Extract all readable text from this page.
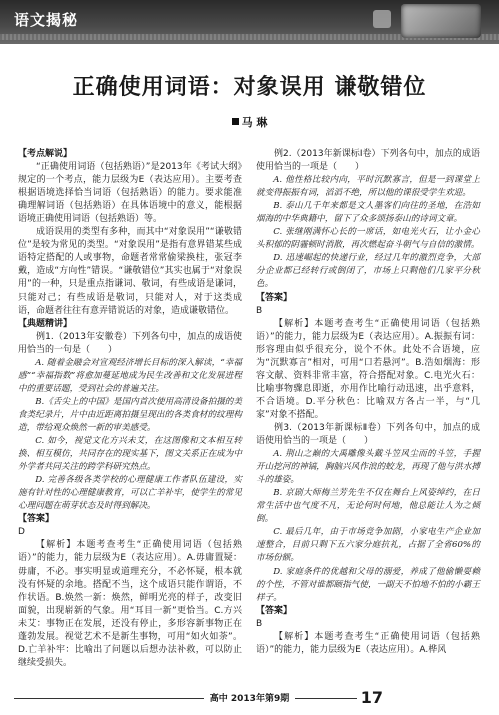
语文揭秘
正确使用词语：对象误用 谦敬错位
马 琳

【 考点解说 】

“正确使用词语（包括熟语）”是2013年《考试大纲》规定的一个考点，能力层级为E（表达应用）。主要考查根据语境选择恰当词语（包括熟语）的能力。要求能准确理解词语（包括熟语）在具体语境中的意义，能根据语境正确使用词语（包括熟语）等。

成语误用的类型有多种，而其中“对象误用”“谦敬错位”是较为常见的类型。“对象误用”是指有意界错某些成语特定搭配的人或事物，命题者常常偷梁换柱，张冠李戴，造成“方向性”错误。“谦敬错位”其实也属于“对象误用”的一种，只是重点指谦词、敬词，有些成语是谦词，只能对己；有些成语是敬词，只能对人，对于这类成语，命题者往往有意弄错说话的对象，造成谦敬错位。

【 典题精讲 】

例1.（2013年安徽卷）下列各句中，加点的成语使用恰当的一句是（　　）

A. 随着金融会对宣观经济增长目标的深入解读，“幸福感”“幸福指数”将愈加蔓延地成为民生改善和文化发展进程中的重要话题，受到社会的普遍关注。

B.《舌尖上的中国》是国内首次使用高清设备拍摄的美食类纪录片，片中由近距离拍摄呈现出的各类食材的纹理构造，带给观众焕然一新的审美感受。

C. 如今，视觉文化方兴未艾，在这图像和文本相互转换、相互模仿，共同存在的现实基下，图文关系正在成为中外学者共同关注的跨学科研究热点。

D. 完善各级各类学校的心理健康工作者队伍建设，实施有针对性的心理健康教育，可以亡羊补牢，使学生的常见心理问题在萌芽状态及时得到解决。

【 答案 】

D

【解析】本题考查考生“正确使用词语（包括熟语）”的能力，能力层级为E（表达应用）。A.毋庸置疑：毋庸，不必。事实明显或道理充分，不必怀疑，根本就没有怀疑的余地。搭配不当，这个成语只能作谓语，不作状语。B.焕然一新：焕然，鲜明光亮的样子，改变旧面貌，出现崭新的气象。用“耳目一新”更恰当。C.方兴未艾：事物正在发展，还没有停止，多形容新事物正在蓬勃发展。视觉艺术不是新生事物，可用“如火如荼”。D.亡羊补牢：比喻出了问题以后想办法补救，可以防止继续受损失。

例2.（2013年新课标Ⅰ卷）下列各句中，加点的成语使用恰当的一项是（　　）

A. 他性格比较内向，平时沉默寡言，但是一到课堂上就变得振振有词，滔滔不绝，所以他的课很受学生欢迎。

B. 泰山几千年来都是文人墨客们向往的圣地，在浩如烟海的中华典籍中，留下了众多颂扬泰山的诗词文章。

C. 张继刚满怀心长的一席话，如电光火石，让小金心头积郁的阴霾顿时消散，再次燃起奋斗朝气与自信的激情。

D. 迅速崛起的快递行业，经过几年的激烈竞争，大部分企业都已经转行或倒闭了，市场上只剩他们几家平分秋色。

【 答案 】

B

【解析】本题考查考生“正确使用词语（包括熟语）”的能力，能力层级为E（表达应用）。A.振振有词：形容理由似乎很充分，说个不休。此处不合语境，应为“沉默寡言”相对，可用“口若悬河”。B.浩如烟海：形容文献、资料非常丰富，符合搭配对象。C.电光火石：比喻事物骤息即逝，亦用作比喻行动迅速，出乎意料，不合语境。D.平分秋色：比喻双方各占一半，与“几家”对象不搭配。

例3.（2013年新课标Ⅱ卷）下列各句中，加点的成语使用恰当的一项是（　　）

A. 荆山之巅的大禹雕像头戴斗笠风尘而的斗笠，手握开山挖河的神镐，胸脑兴风作浪的蛟龙，再现了他与洪水搏斗的雄姿。

B. 京剧大师梅兰芳先生不仅在舞台上风姿绰约，在日常生活中也气度不凡，无论何时何地，他总能让人为之倾倒。

C. 最后几年，由于市场竞争加剧，小家电生产企业加速整合，目前只剩下五六家分庭抗礼，占据了全省60%的市场份额。

D. 家庭条件的优越和父母的溺爱，养成了他偷懒耍赖的个性，不管对谁都颐指气使，一副天不怕地不怕的小霸王样子。

【 答案 】

B

【解析】本题考查考生“正确使用词语（包括熟语）”的能力，能力层级为E（表达应用）。A.桦风

高中 2013年第9期	17
